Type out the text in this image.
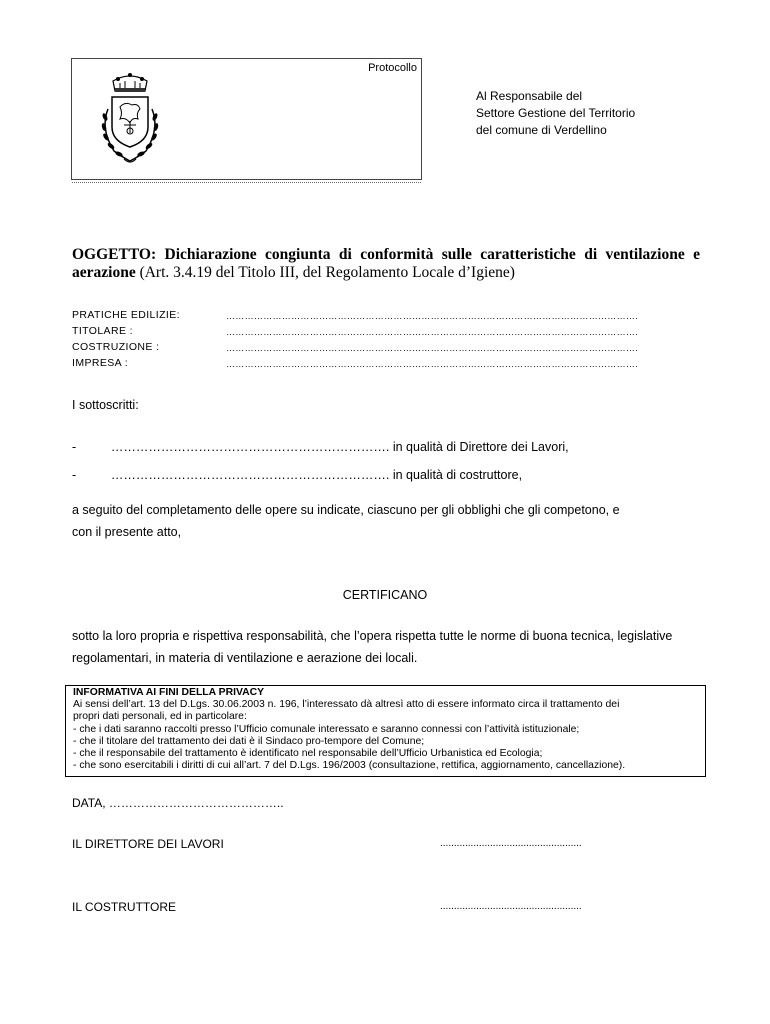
Protocollo
Al Responsabile del
Settore Gestione del Territorio
del comune di Verdellino
OGGETTO: Dichiarazione congiunta di conformità sulle caratteristiche di ventilazione e aerazione (Art. 3.4.19 del Titolo III, del Regolamento Locale d’Igiene)
PRATICHE EDILIZIE:	…………………………………………………………………………………………………………………….
TITOLARE :	…………………………………………………………………………………………………………………….
COSTRUZIONE :	…………………………………………………………………………………………………………………….
IMPRESA :	…………………………………………………………………………………………………………………….
I sottoscritti:
-          …………………………………………………………. in qualità di Direttore dei Lavori,
-          …………………………………………………………. in qualità di costruttore,
a seguito del completamento delle opere su indicate, ciascuno per gli obblighi che gli competono, e
con il presente atto,
CERTIFICANO
sotto la loro propria e rispettiva responsabilità, che l’opera rispetta tutte le norme di buona tecnica, legislative
regolamentari, in materia di ventilazione e aerazione dei locali.
INFORMATIVA AI FINI DELLA PRIVACY
Ai sensi dell’art. 13 del D.Lgs. 30.06.2003 n. 196, l’interessato dà altresì atto di essere informato circa il trattamento dei
propri dati personali, ed in particolare:
- che i dati saranno raccolti presso l’Ufficio comunale interessato e saranno connessi con l’attività istituzionale;
- che il titolare del trattamento dei dati è il Sindaco pro-tempore del Comune;
- che il responsabile del trattamento è identificato nel responsabile dell’Ufficio Urbanistica ed Ecologia;
- che sono esercitabili i diritti di cui all’art. 7 del D.Lgs. 196/2003 (consultazione, rettifica, aggiornamento, cancellazione).
DATA, ……………………………………..
IL DIRETTORE DEI LAVORI	...................................................
IL COSTRUTTORE	...................................................
